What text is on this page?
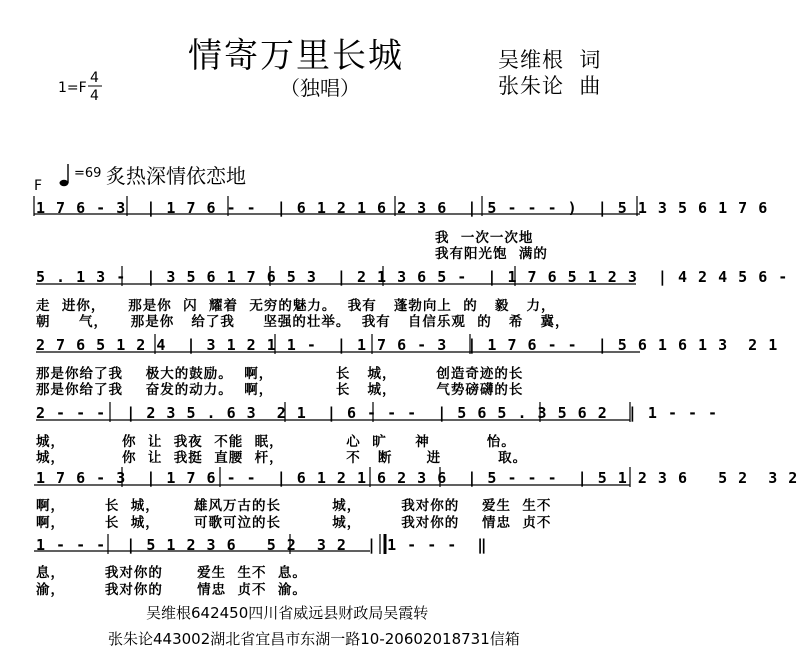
情寄万里长城
（独唱）
吴维根  词
张朱论  曲
1=F
4
4
F
=69 炙热深情依恋地
1 7 6 - 3  | 1 7 6 - -  | 6 1 2 1 6 2 3 6  | 5 - - - )  | 5 1 3 5 6 1 7 6
我  一次一次地
我有阳光饱  满的
5 . 1 3 -  | 3 5 6 1 7 6 5 3  | 2 1 3 6 5 -  | 1 7 6 5 1 2 3  | 4 2 4 5 6 -
走  进你，    那是你  闪  耀着  无穷的魅力。  我有   蓬勃向上  的   毅   力，
朝     气，    那是你   给了我     坚强的壮举。  我有   自信乐观  的   希   冀，
2 7 6 5 1 2 4  | 3 1 2 1 1 -  | 1 7 6 - 3  | 1 7 6 - -  | 5 6 1 6 1 3  2 1
那是你给了我    极大的鼓励。  啊，           长   城，       创造奇迹的长
那是你给了我    奋发的动力。  啊，           长   城，       气势磅礴的长
2 - - -  | 2 3 5 . 6 3  2 1  | 6 - - -  | 5 6 5 . 3 5 6 2  | 1 - - -
城，          你  让  我夜  不能  眠，           心  旷     神          怡。
城，          你  让  我挺  直腰  杆，           不   断      进          取。
1 7 6 - 3  | 1 7 6 - -  | 6 1 2 1 6 2 3 6  | 5 - - -  | 5 1 2 3 6   5 2  3 2
啊，       长  城，      雄风万古的长         城，       我对你的    爱生  生不
啊，       长  城，      可歌可泣的长         城，       我对你的    情忠  贞不
1 - - -  | 5 1 2 3 6   5 2  3 2  | 1 - - -  ‖
息，       我对你的      爱生  生不  息。
渝，       我对你的      情忠  贞不  渝。
吴维根642450四川省威远县财政局吴霞转
张朱论443002湖北省宜昌市东湖一路10-20602018731信箱
